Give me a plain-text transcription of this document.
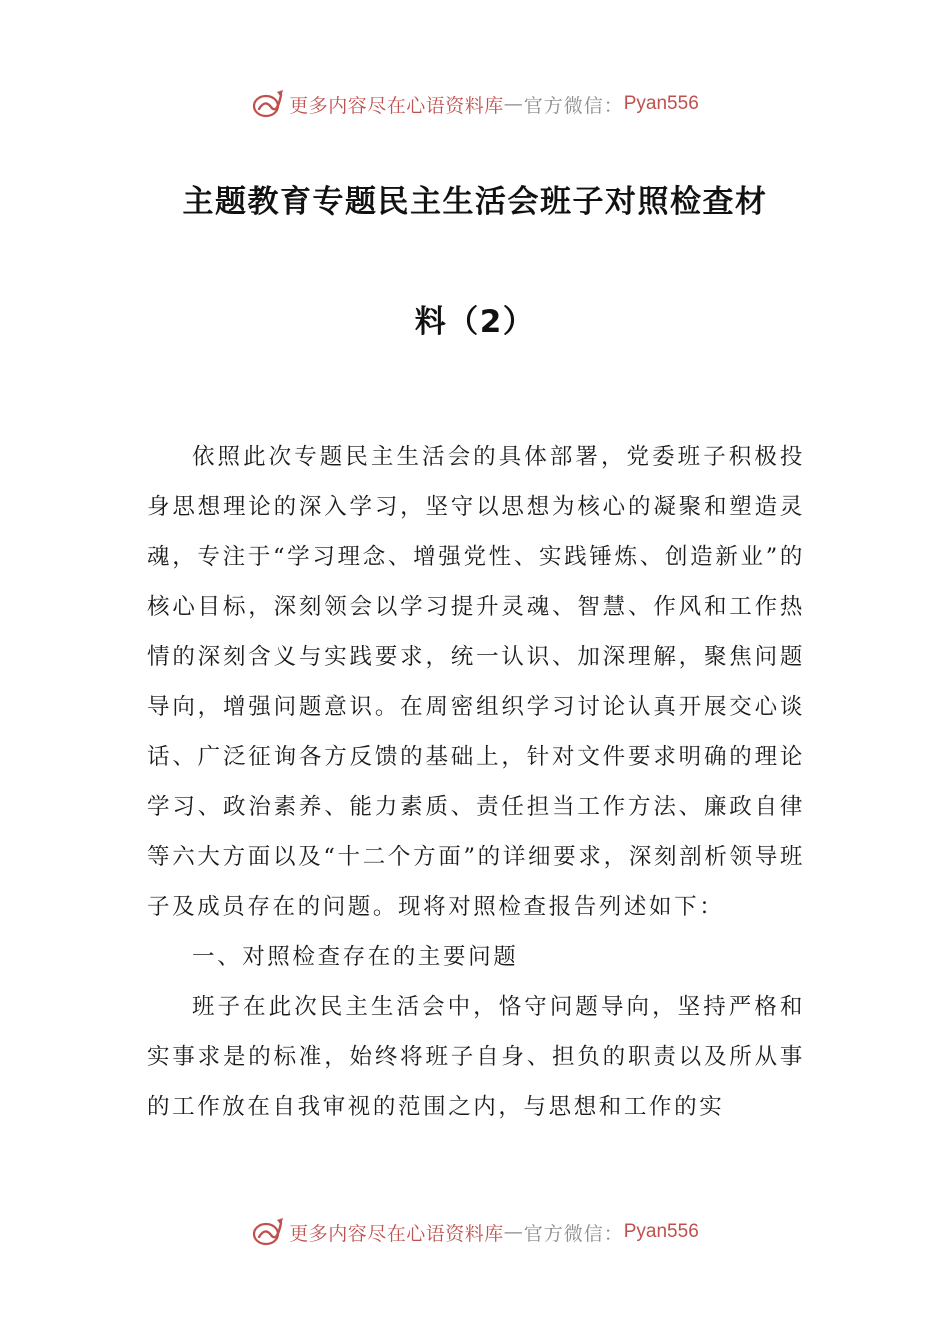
更多内容尽在心语资料库 — 官方微信： Pyan556
主题教育专题民主生活会班子对照检查材
料（2）

依照此次专题民主生活会的具体部署，党委班子积极投身思想理论的深入学习，坚守以思想为核心的凝聚和塑造灵魂，专注于“学习理念、增强党性、实践锤炼、创造新业”的核心目标，深刻领会以学习提升灵魂、智慧、作风和工作热情的深刻含义与实践要求，统一认识、加深理解，聚焦问题导向，增强问题意识。在周密组织学习讨论认真开展交心谈话、广泛征询各方反馈的基础上，针对文件要求明确的理论学习、政治素养、能力素质、责任担当工作方法、廉政自律等六大方面以及“十二个方面”的详细要求，深刻剖析领导班子及成员存在的问题。现将对照检查报告列述如下：

一、对照检查存在的主要问题

班子在此次民主生活会中，恪守问题导向，坚持严格和实事求是的标准，始终将班子自身、担负的职责以及所从事的工作放在自我审视的范围之内，与思想和工作的实

更多内容尽在心语资料库 — 官方微信： Pyan556
